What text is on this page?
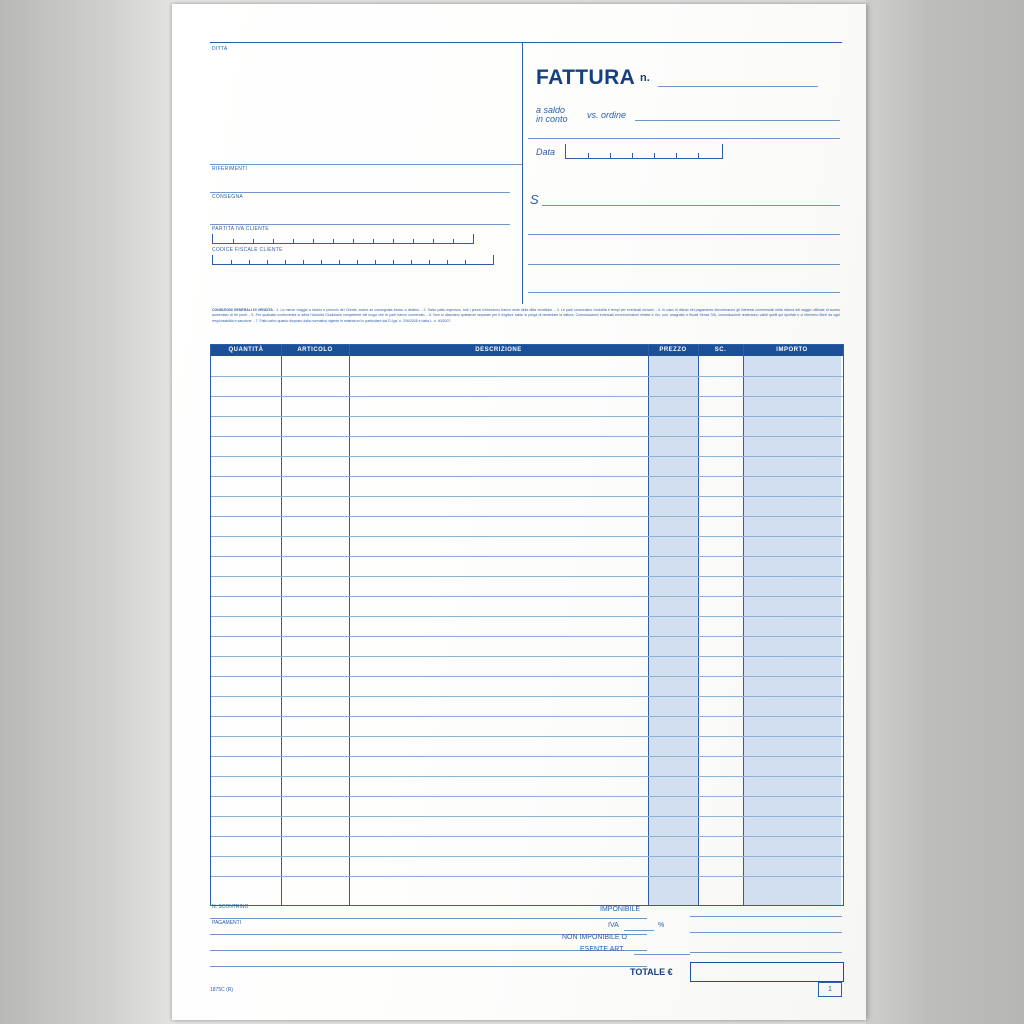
DITTA
RIFERIMENTI
CONSEGNA
PARTITA IVA CLIENTE
CODICE FISCALE CLIENTE
FATTURA n.
a saldo
in conto vs. ordine
Data
S
CONDIZIONI GENERALI DI VENDITA - 1. La merce viaggia a rischio e pericolo del Cliente, anche se consegnata franco a destino. - 2. Salvo patto espresso, tutti i prezzi s'intendono franco sede della ditta venditrice. - 3. Le parti concordano modalità e tempi per eventuali reclami. - 4. In caso di ritardo nel pagamento decorreranno gli interessi commerciali nella misura del saggio ufficiale di sconto aumentato di tre punti. - 5. Per qualsiasi controversia si adirà l'Autorità Giudiziaria competente del luogo che le parti hanno convenuto. - 6. Non si rilasciano quietanze separate per il migliore saldo si prega di rimandare la fattura. Comunicazioni eventuali errori/omissioni relativi a Voi, cod. anagrafici e fiscali Senza IVA, comunicazioni resteranno validi quelli qui riportati e ci riterremo liberi da ogni responsabilità e sanzione. - 7. Fatto salvo quanto disposto dalla normativa vigente in materia ed in particolare dal D.Lgs. n. 206/2005 e dalla L. n. 40/2007.
QUANTITÀ	ARTICOLO	DESCRIZIONE	PREZZO	SC.	IMPORTO
N. SCONTRINO
PAGAMENTI
IMPONIBILE
IVA	%
NON IMPONIBILE O
ESENTE ART.
TOTALE €
1875C (R)	1
